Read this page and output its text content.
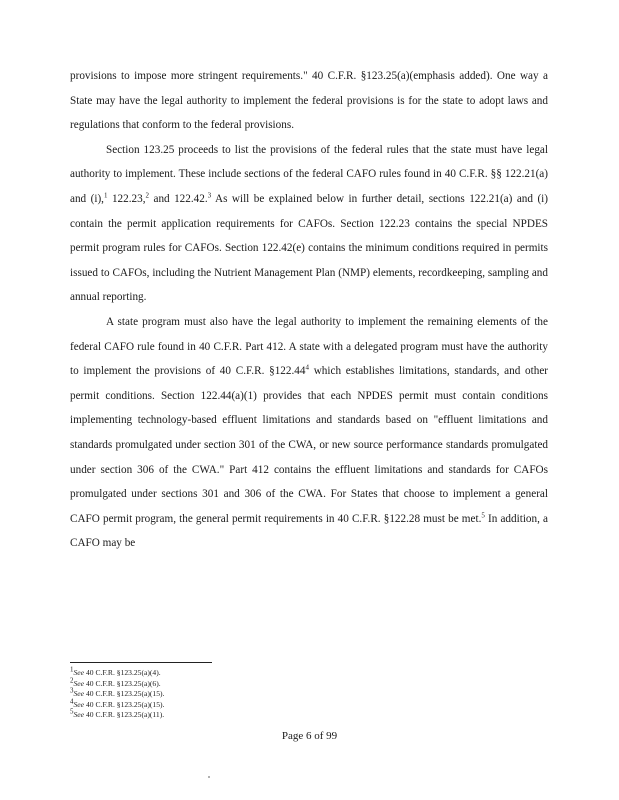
provisions to impose more stringent requirements." 40 C.F.R. §123.25(a)(emphasis added). One way a State may have the legal authority to implement the federal provisions is for the state to adopt laws and regulations that conform to the federal provisions.

Section 123.25 proceeds to list the provisions of the federal rules that the state must have legal authority to implement. These include sections of the federal CAFO rules found in 40 C.F.R. §§ 122.21(a) and (i),$^1$ 122.23,$^2$ and 122.42.$^3$ As will be explained below in further detail, sections 122.21(a) and (i) contain the permit application requirements for CAFOs. Section 122.23 contains the special NPDES permit program rules for CAFOs. Section 122.42(e) contains the minimum conditions required in permits issued to CAFOs, including the Nutrient Management Plan (NMP) elements, recordkeeping, sampling and annual reporting.

A state program must also have the legal authority to implement the remaining elements of the federal CAFO rule found in 40 C.F.R. Part 412. A state with a delegated program must have the authority to implement the provisions of 40 C.F.R. §122.44$^4$ which establishes limitations, standards, and other permit conditions. Section 122.44(a)(1) provides that each NPDES permit must contain conditions implementing technology-based effluent limitations and standards based on "effluent limitations and standards promulgated under section 301 of the CWA, or new source performance standards promulgated under section 306 of the CWA." Part 412 contains the effluent limitations and standards for CAFOs promulgated under sections 301 and 306 of the CWA. For States that choose to implement a general CAFO permit program, the general permit requirements in 40 C.F.R. §122.28 must be met.$^5$ In addition, a CAFO may be

$^1$See 40 C.F.R. §123.25(a)(4).
$^2$See 40 C.F.R. §123.25(a)(6).
$^3$See 40 C.F.R. §123.25(a)(15).
$^4$See 40 C.F.R. §123.25(a)(15).
$^5$See 40 C.F.R. §123.25(a)(11).
Page 6 of 99
